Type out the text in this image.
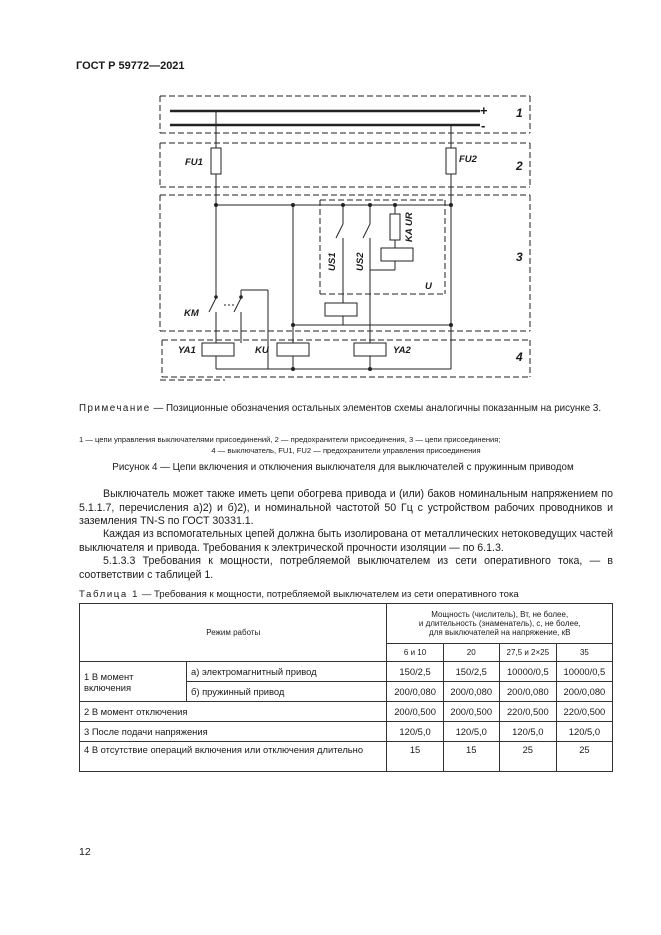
ГОСТ Р 59772—2021
+
-
1
2
3
4
FU1	FU2
US1 US2
KA UR
U
KM
YA1	KU	YA2
Примечание — Позиционные обозначения остальных элементов схемы аналогичны показанным на рисунке 3.
1 — цепи управления выключателями присоединений, 2 — предохранители присоединения, 3 — цепи присоединения;
4 — выключатель, FU1, FU2 — предохранители управления присоединения
Рисунок 4 — Цепи включения и отключения выключателя для выключателей с пружинным приводом
Выключатель может также иметь цепи обогрева привода и (или) баков номинальным напряжением по 5.1.1.7, перечисления а)2) и б)2), и номинальной частотой 50 Гц с устройством рабочих проводников и заземления TN-S по ГОСТ 30331.1.
Каждая из вспомогательных цепей должна быть изолирована от металлических нетоковедущих частей выключателя и привода. Требования к электрической прочности изоляции — по 6.1.3.
5.1.3.3 Требования к мощности, потребляемой выключателем из сети оперативного тока, — в соответствии с таблицей 1.
Таблица 1 — Требования к мощности, потребляемой выключателем из сети оперативного тока
Режим работы		Мощность (числитель), Вт, не более,
и длительность (знаменатель), с, не более,
для выключателей на напряжение, кВ			

		6 и 10	20	27,5 и 2×25	35
1 В момент включения	а) электромагнитный привод	150/2,5	150/2,5	10000/0,5	10000/0,5
	б) пружинный привод	200/0,080	200/0,080	200/0,080	200/0,080
2 В момент отключения		200/0,500	200/0,500	220/0,500	220/0,500
3 После подачи напряжения		120/5,0	120/5,0	120/5,0	120/5,0
4 В отсутствие операций включения или отключения длительно		15	15	25	25
12
